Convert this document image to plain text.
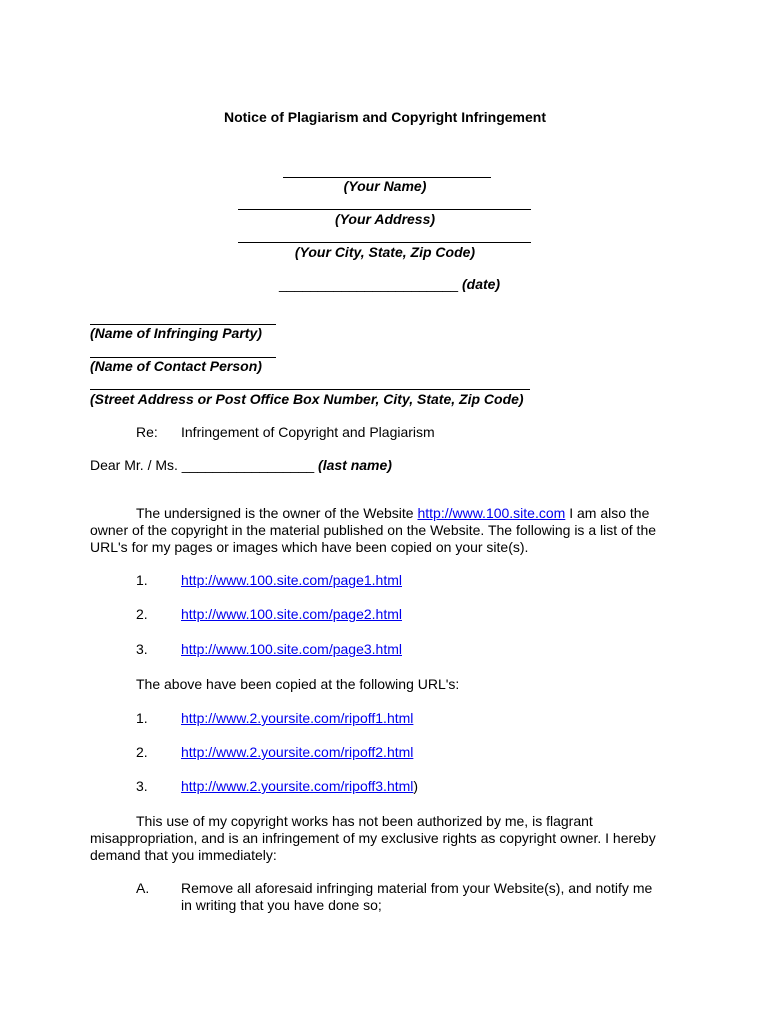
Notice of Plagiarism and Copyright Infringement
(Your Name)
(Your Address)
(Your City, State, Zip Code)
_______________________ (date)
(Name of Infringing Party)
(Name of Contact Person)
(Street Address or Post Office Box Number, City, State, Zip Code)
Re: Infringement of Copyright and Plagiarism
Dear Mr. / Ms. _________________ (last name)
The undersigned is the owner of the Website http://www.100.site.com I am also the owner of the copyright in the material published on the Website. The following is a list of the URL's for my pages or images which have been copied on your site(s).
1. http://www.100.site.com/page1.html
2. http://www.100.site.com/page2.html
3. http://www.100.site.com/page3.html
The above have been copied at the following URL's:
1. http://www.2.yoursite.com/ripoff1.html
2. http://www.2.yoursite.com/ripoff2.html
3. http://www.2.yoursite.com/ripoff3.html)
This use of my copyright works has not been authorized by me, is flagrant misappropriation, and is an infringement of my exclusive rights as copyright owner. I hereby demand that you immediately:
A. Remove all aforesaid infringing material from your Website(s), and notify me in writing that you have done so;
